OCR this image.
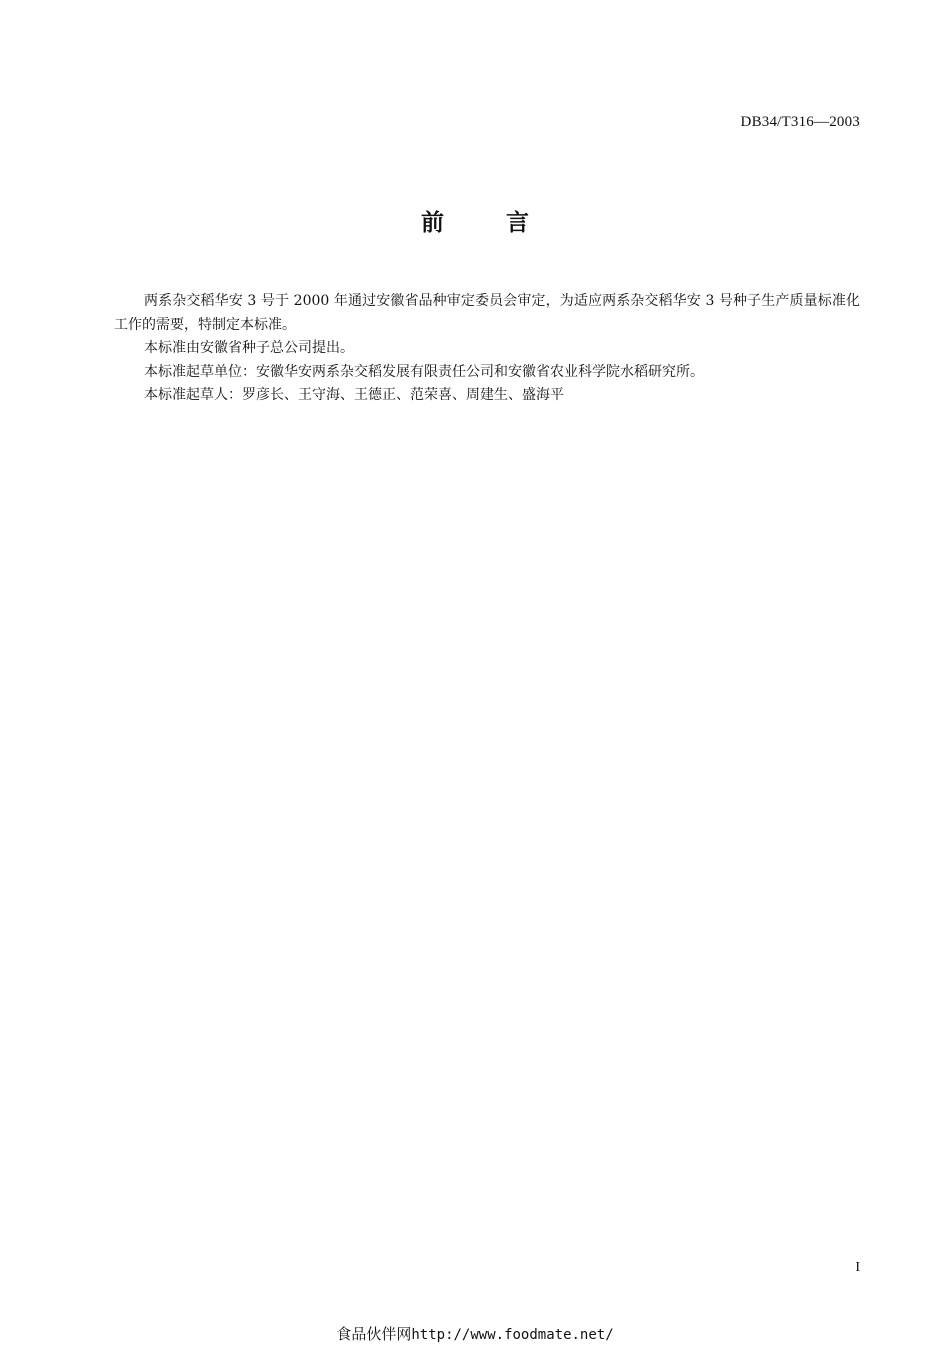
DB34/T316—2003
前言

两系杂交稻华安 3 号于 2000 年通过安徽省品种审定委员会审定，为适应两系杂交稻华安 3 号种子生产质量标准化工作的需要，特制定本标准。

本标准由安徽省种子总公司提出。

本标准起草单位：安徽华安两系杂交稻发展有限责任公司和安徽省农业科学院水稻研究所。

本标准起草人：罗彦长、王守海、王德正、范荣喜、周建生、盛海平

I
食品伙伴网http://www.foodmate.net/
